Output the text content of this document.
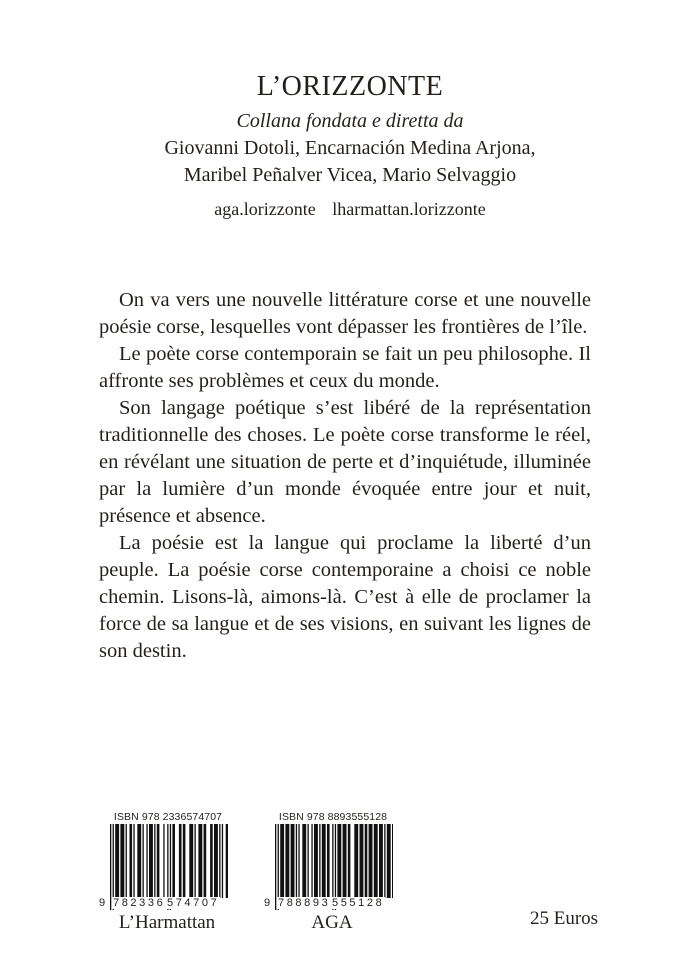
L’ORIZZONTE
Collana fondata e diretta da
Giovanni Dotoli, Encarnación Medina Arjona,
Maribel Peñalver Vicea, Mario Selvaggio
aga.lorizzonte lharmattan.lorizzonte

On va vers une nouvelle littérature corse et une nouvelle poésie corse, lesquelles vont dépasser les frontières de l’île.

Le poète corse contemporain se fait un peu philosophe. Il affronte ses problèmes et ceux du monde.

Son langage poétique s’est libéré de la représentation traditionnelle des choses. Le poète corse transforme le réel, en révélant une situation de perte et d’inquiétude, illuminée par la lumière d’un monde évoquée entre jour et nuit, présence et absence.

La poésie est la langue qui proclame la liberté d’un peuple. La poésie corse contemporaine a choisi ce noble chemin. Lisons-là, aimons-là. C’est à elle de proclamer la force de sa langue et de ses visions, en suivant les lignes de son destin.

ISBN 978 2336574707
9 782336 574707
L’Harmattan
ISBN 978 8893555128
9 788893 555128
AGA	25 Euros
